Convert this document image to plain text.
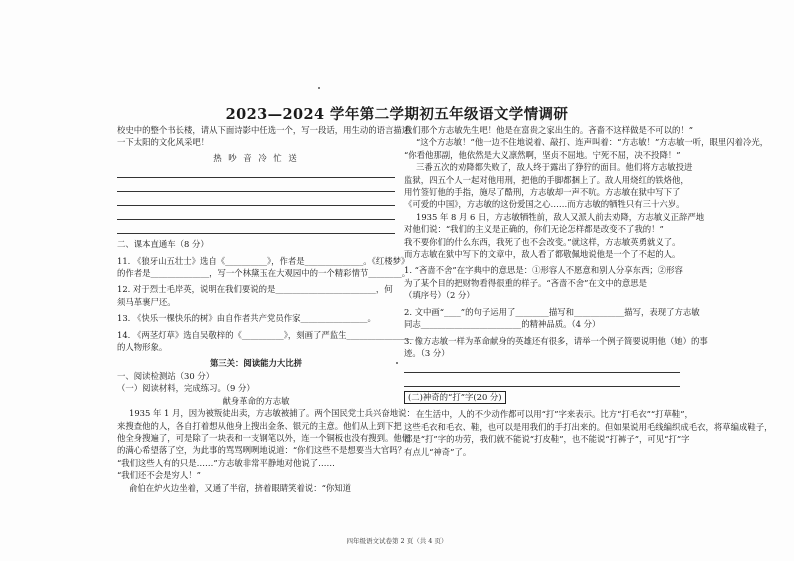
2023—2024 学年第二学期初五年级语文学情调研
校史中的整个书长楼，请从下面诗影中任选一个，写一段话，用生动的语言描述
一下太阳的文化风采吧！
热 吵 音 冷 忙 送
二、课本直通车（8 分）
11. 《狼牙山五壮士》选自《__________》，作者是______________。《红楼梦》
的作者是______________，写一个林黛玉在大观园中的一个精彩情节________。
12. 对于烈士毛岸英，说明在我们要说的是________________________，何
须马革裹尸还。
13. 《快乐一棵快乐的树》由自作者共产党员作家________________。
14. 《两茎灯草》选自吴敬梓的《__________》，刻画了严监生________________
的人物形象。
第三关：阅读能力大比拼
一、阅读检测站（30 分）
（一）阅读材料，完成练习。（9 分）
献身革命的方志敏
1935 年 1 月，因为被叛徒出卖，方志敏被捕了。两个国民党士兵兴奋地说：
来搜查他的人，各自打着想从他身上搜出金条、银元的主意。他们从上到下把
他全身搜遍了，可是除了一块表和一支钢笔以外，连一个铜板也没有搜到。他们
的满心希望落了空，为此事的骂骂咧咧地说道：“你们这些不是想要当大官吗？
“我们这些人有的只是……”方志敏非常平静地对他说了……
“我们还不会是穷人！”
俞伯在炉火边坐着，又通了半宿，挤着眼睛笑着说：“你知道
我们那个方志敏先生吧！他是在富贵之家出生的。吝嗇不这样做是不可以的！”
“这个方志敏！”他一边不住地说着、敲打、连声叫着：“方志敏！”方志敏一听，眼里闪着冷光，
“你看他那副，他依然是大义凛然啊，坚贞不屈地。宁死不屈，决不投降！”
三番五次的劝降都失败了，敌人终于露出了狰狞的面目。他们将方志敏投进
监狱，四五个人一起对他用刑，把他的手脚都捆上了。敌人用烧红的铁烙他，
用竹签钉他的手指，施尽了酷刑，方志敏却一声不吭。方志敏在狱中写下了
《可爱的中国》，方志敏的这份爱国之心……而方志敏的牺牲只有三十六岁。
1935 年 8 月 6 日，方志敏牺牲前，敌人又派人前去劝降，方志敏义正辞严地
对他们说：“我们的主义是正确的，你们无论怎样都是改变不了我的！”
我不要你们的什么东西，我死了也不会改变。”就这样，方志敏英勇就义了。
而方志敏在狱中写下的文章中，敌人看了都敬佩地说他是一个了不起的人。
1. “吝啬不舍”在字典中的意思是：①形容人不愿意和别人分享东西；②形容
为了某个目的把财物看得很重的样子。“吝啬不舍”在文中的意思是
（填序号）（2 分）
2. 文中画“____”的句子运用了________描写和____________描写，表现了方志敏
同志________________________的精神品质。（4 分）
3. 像方志敏一样为革命献身的英雄还有很多，请举一个例子简要说明他（她）的事
迹。（3 分）
(二)神奇的“打”字(20 分)
在生活中，人的不少动作都可以用“打”字来表示。比方“打毛衣”“打草鞋”，
这些毛衣和毛衣、鞋，也可以是用我们的手打出来的。但如果说用毛线编织成毛衣，将草编成鞋子，
都是“打”字的功劳，我们就不能说“打皮鞋”，也不能说“打裤子”，可见“打”字
有点儿“神奇”了。
四年级语文试卷第 2 页（共 4 页）
